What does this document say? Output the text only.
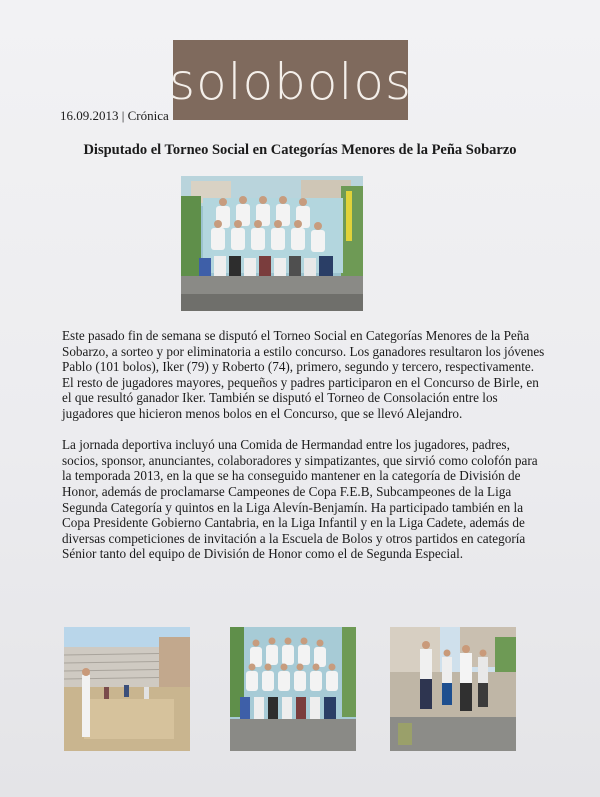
solobolos
16.09.2013 | Crónica
Disputado el Torneo Social en Categorías Menores de la Peña Sobarzo

Este pasado fin de semana se disputó el Torneo Social en Categorías Menores de la Peña Sobarzo, a sorteo y por eliminatoria a estilo concurso. Los ganadores resultaron los jóvenes Pablo (101 bolos), Iker (79) y Roberto (74), primero, segundo y tercero, respectivamente.

El resto de jugadores mayores, pequeños y padres participaron en el Concurso de Birle, en el que resultó ganador Iker. También se disputó el Torneo de Consolación entre los jugadores que hicieron menos bolos en el Concurso, que se llevó Alejandro.

La jornada deportiva incluyó una Comida de Hermandad entre los jugadores, padres, socios, sponsor, anunciantes, colaboradores y simpatizantes, que sirvió como colofón para la temporada 2013, en la que se ha conseguido mantener en la categoría de División de Honor, además de proclamarse Campeones de Copa F.E.B, Subcampeones de la Liga Segunda Categoría y quintos en la Liga Alevín-Benjamín. Ha participado también en la Copa Presidente Gobierno Cantabria, en la Liga Infantil y en la Liga Cadete, además de diversas competiciones de invitación a la Escuela de Bolos y otros partidos en categoría Sénior tanto del equipo de División de Honor como el de Segunda Especial.
